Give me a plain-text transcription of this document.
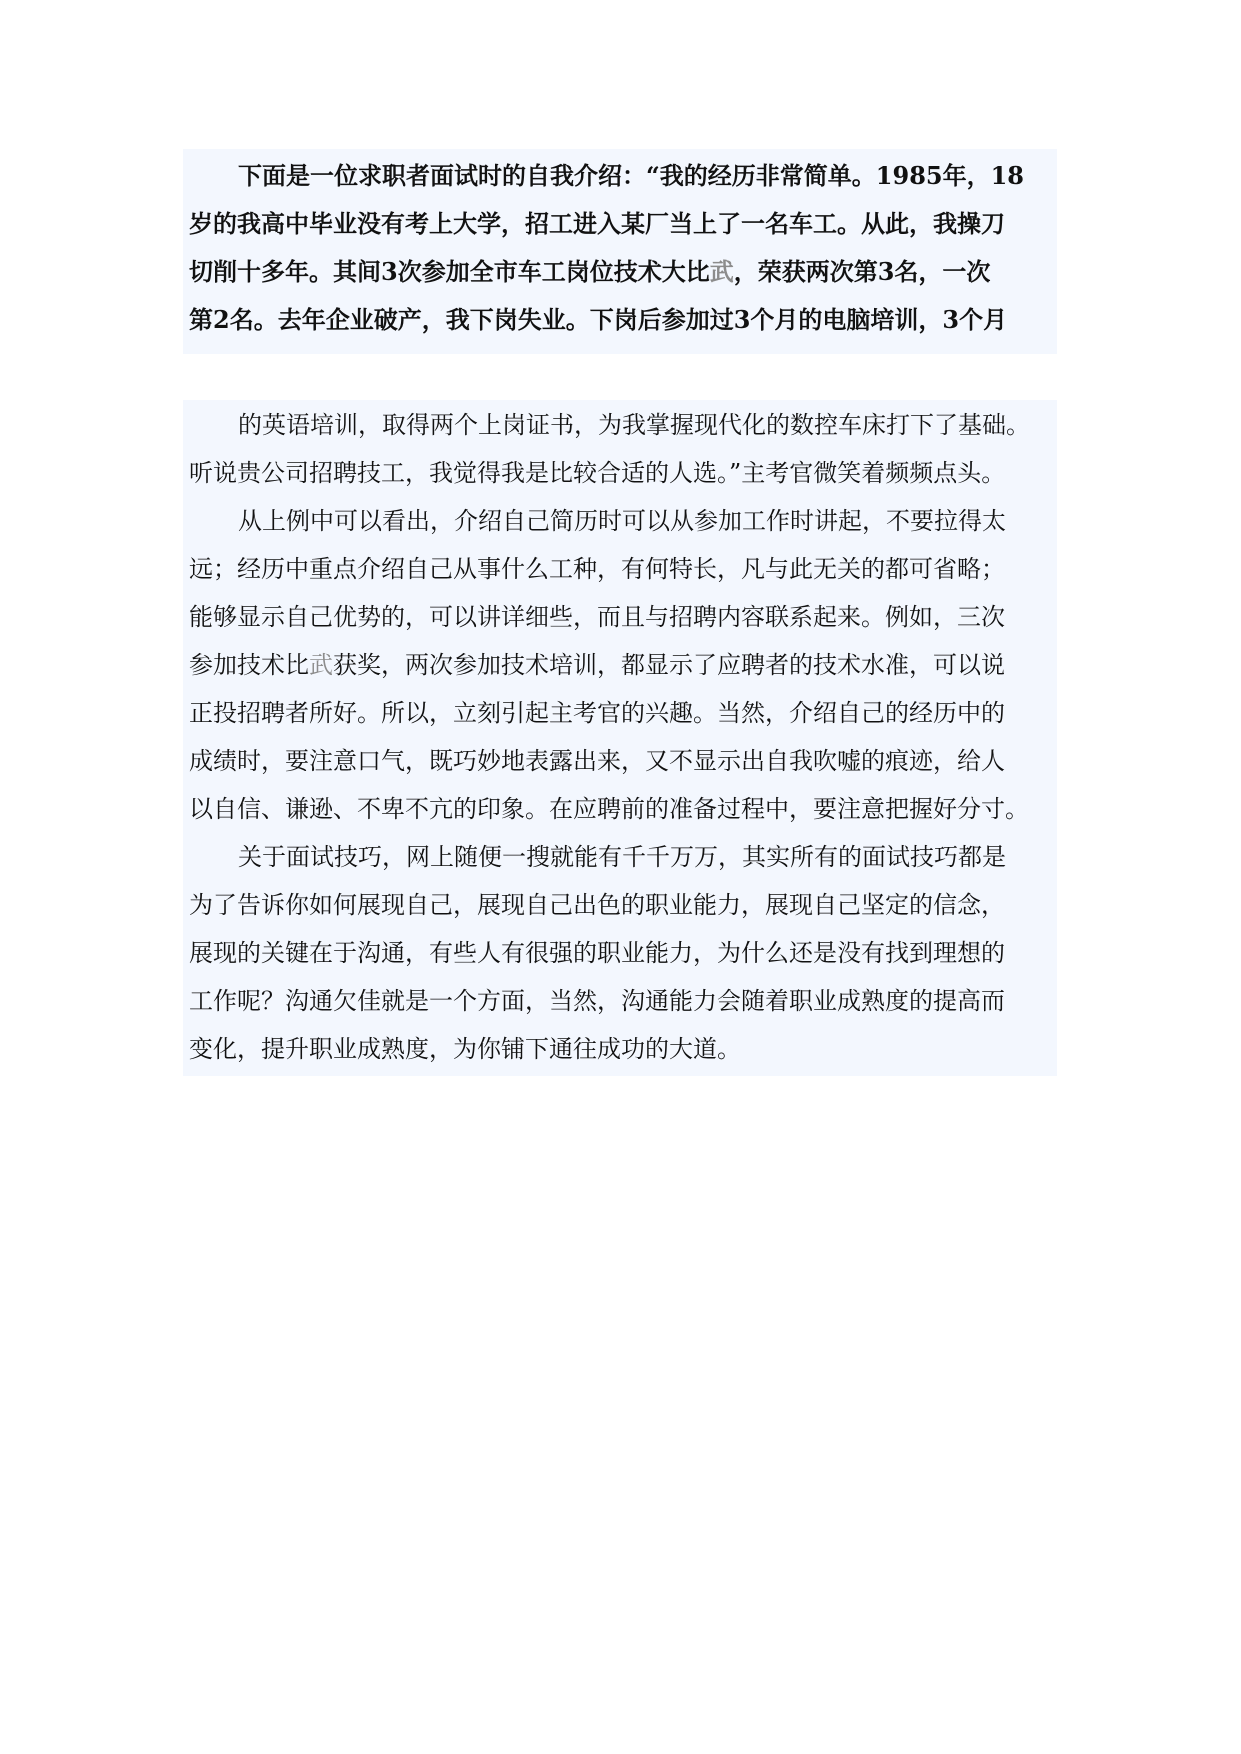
下面是一位求职者面试时的自我介绍：“我的经历非常简单。1985年，18
岁的我高中毕业没有考上大学，招工进入某厂当上了一名车工。从此，我操刀
切削十多年。其间3次参加全市车工岗位技术大比武，荣获两次第3名，一次
第2名。去年企业破产，我下岗失业。下岗后参加过3个月的电脑培训，3个月
的英语培训，取得两个上岗证书，为我掌握现代化的数控车床打下了基础。
听说贵公司招聘技工，我觉得我是比较合适的人选。”主考官微笑着频频点头。
从上例中可以看出，介绍自己简历时可以从参加工作时讲起，不要拉得太
远；经历中重点介绍自己从事什么工种，有何特长，凡与此无关的都可省略；
能够显示自己优势的，可以讲详细些，而且与招聘内容联系起来。例如，三次
参加技术比武获奖，两次参加技术培训，都显示了应聘者的技术水准，可以说
正投招聘者所好。所以，立刻引起主考官的兴趣。当然，介绍自己的经历中的
成绩时，要注意口气，既巧妙地表露出来，又不显示出自我吹嘘的痕迹，给人
以自信、谦逊、不卑不亢的印象。在应聘前的准备过程中，要注意把握好分寸。
关于面试技巧，网上随便一搜就能有千千万万，其实所有的面试技巧都是
为了告诉你如何展现自己，展现自己出色的职业能力，展现自己坚定的信念，
展现的关键在于沟通，有些人有很强的职业能力，为什么还是没有找到理想的
工作呢？沟通欠佳就是一个方面，当然，沟通能力会随着职业成熟度的提高而
变化，提升职业成熟度，为你铺下通往成功的大道。
